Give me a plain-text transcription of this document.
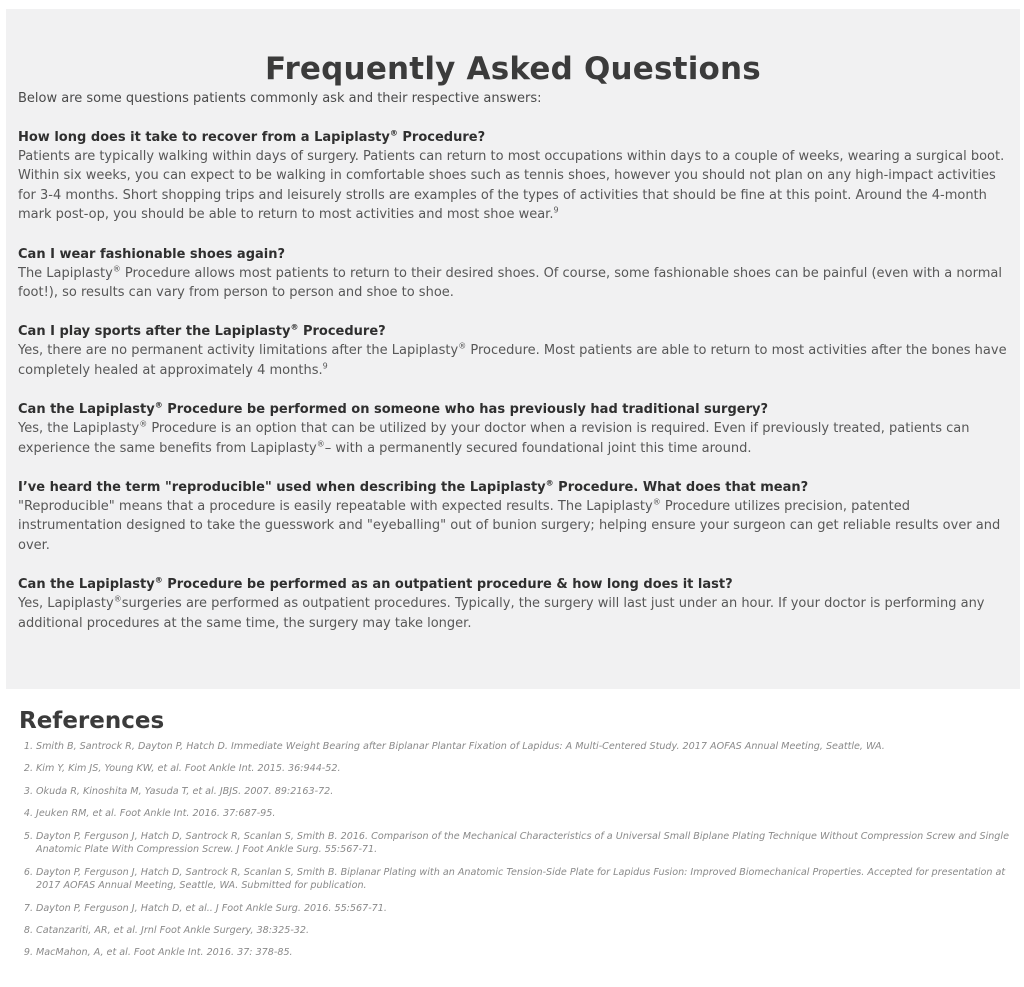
Frequently Asked Questions

Below are some questions patients commonly ask and their respective answers:

How long does it take to recover from a Lapiplasty® Procedure?

Patients are typically walking within days of surgery. Patients can return to most occupations within days to a couple of weeks, wearing a surgical boot. Within six weeks, you can expect to be walking in comfortable shoes such as tennis shoes, however you should not plan on any high-impact activities for 3-4 months. Short shopping trips and leisurely strolls are examples of the types of activities that should be fine at this point. Around the 4-month mark post-op, you should be able to return to most activities and most shoe wear.$^9$

Can I wear fashionable shoes again?

The Lapiplasty® Procedure allows most patients to return to their desired shoes. Of course, some fashionable shoes can be painful (even with a normal foot!), so results can vary from person to person and shoe to shoe.

Can I play sports after the Lapiplasty® Procedure?

Yes, there are no permanent activity limitations after the Lapiplasty® Procedure. Most patients are able to return to most activities after the bones have completely healed at approximately 4 months.$^9$

Can the Lapiplasty® Procedure be performed on someone who has previously had traditional surgery?

Yes, the Lapiplasty® Procedure is an option that can be utilized by your doctor when a revision is required. Even if previously treated, patients can experience the same benefits from Lapiplasty®– with a permanently secured foundational joint this time around.

I’ve heard the term "reproducible" used when describing the Lapiplasty® Procedure. What does that mean?

"Reproducible" means that a procedure is easily repeatable with expected results. The Lapiplasty® Procedure utilizes precision, patented instrumentation designed to take the guesswork and "eyeballing" out of bunion surgery; helping ensure your surgeon can get reliable results over and over.

Can the Lapiplasty® Procedure be performed as an outpatient procedure & how long does it last?

Yes, Lapiplasty®surgeries are performed as outpatient procedures. Typically, the surgery will last just under an hour. If your doctor is performing any additional procedures at the same time, the surgery may take longer.

References
1. Smith B, Santrock R, Dayton P, Hatch D. Immediate Weight Bearing after Biplanar Plantar Fixation of Lapidus: A Multi-Centered Study. 2017 AOFAS Annual Meeting, Seattle, WA.
2. Kim Y, Kim JS, Young KW, et al. Foot Ankle Int. 2015. 36:944-52.
3. Okuda R, Kinoshita M, Yasuda T, et al. JBJS. 2007. 89:2163-72.
4. Jeuken RM, et al. Foot Ankle Int. 2016. 37:687-95.
5. Dayton P, Ferguson J, Hatch D, Santrock R, Scanlan S, Smith B. 2016. Comparison of the Mechanical Characteristics of a Universal Small Biplane Plating Technique Without Compression Screw and Single Anatomic Plate With Compression Screw. J Foot Ankle Surg. 55:567-71.
6. Dayton P, Ferguson J, Hatch D, Santrock R, Scanlan S, Smith B. Biplanar Plating with an Anatomic Tension-Side Plate for Lapidus Fusion: Improved Biomechanical Properties. Accepted for presentation at 2017 AOFAS Annual Meeting, Seattle, WA. Submitted for publication.
7. Dayton P, Ferguson J, Hatch D, et al.. J Foot Ankle Surg. 2016. 55:567-71.
8. Catanzariti, AR, et al. Jrnl Foot Ankle Surgery, 38:325-32.
9. MacMahon, A, et al. Foot Ankle Int. 2016. 37: 378-85.
